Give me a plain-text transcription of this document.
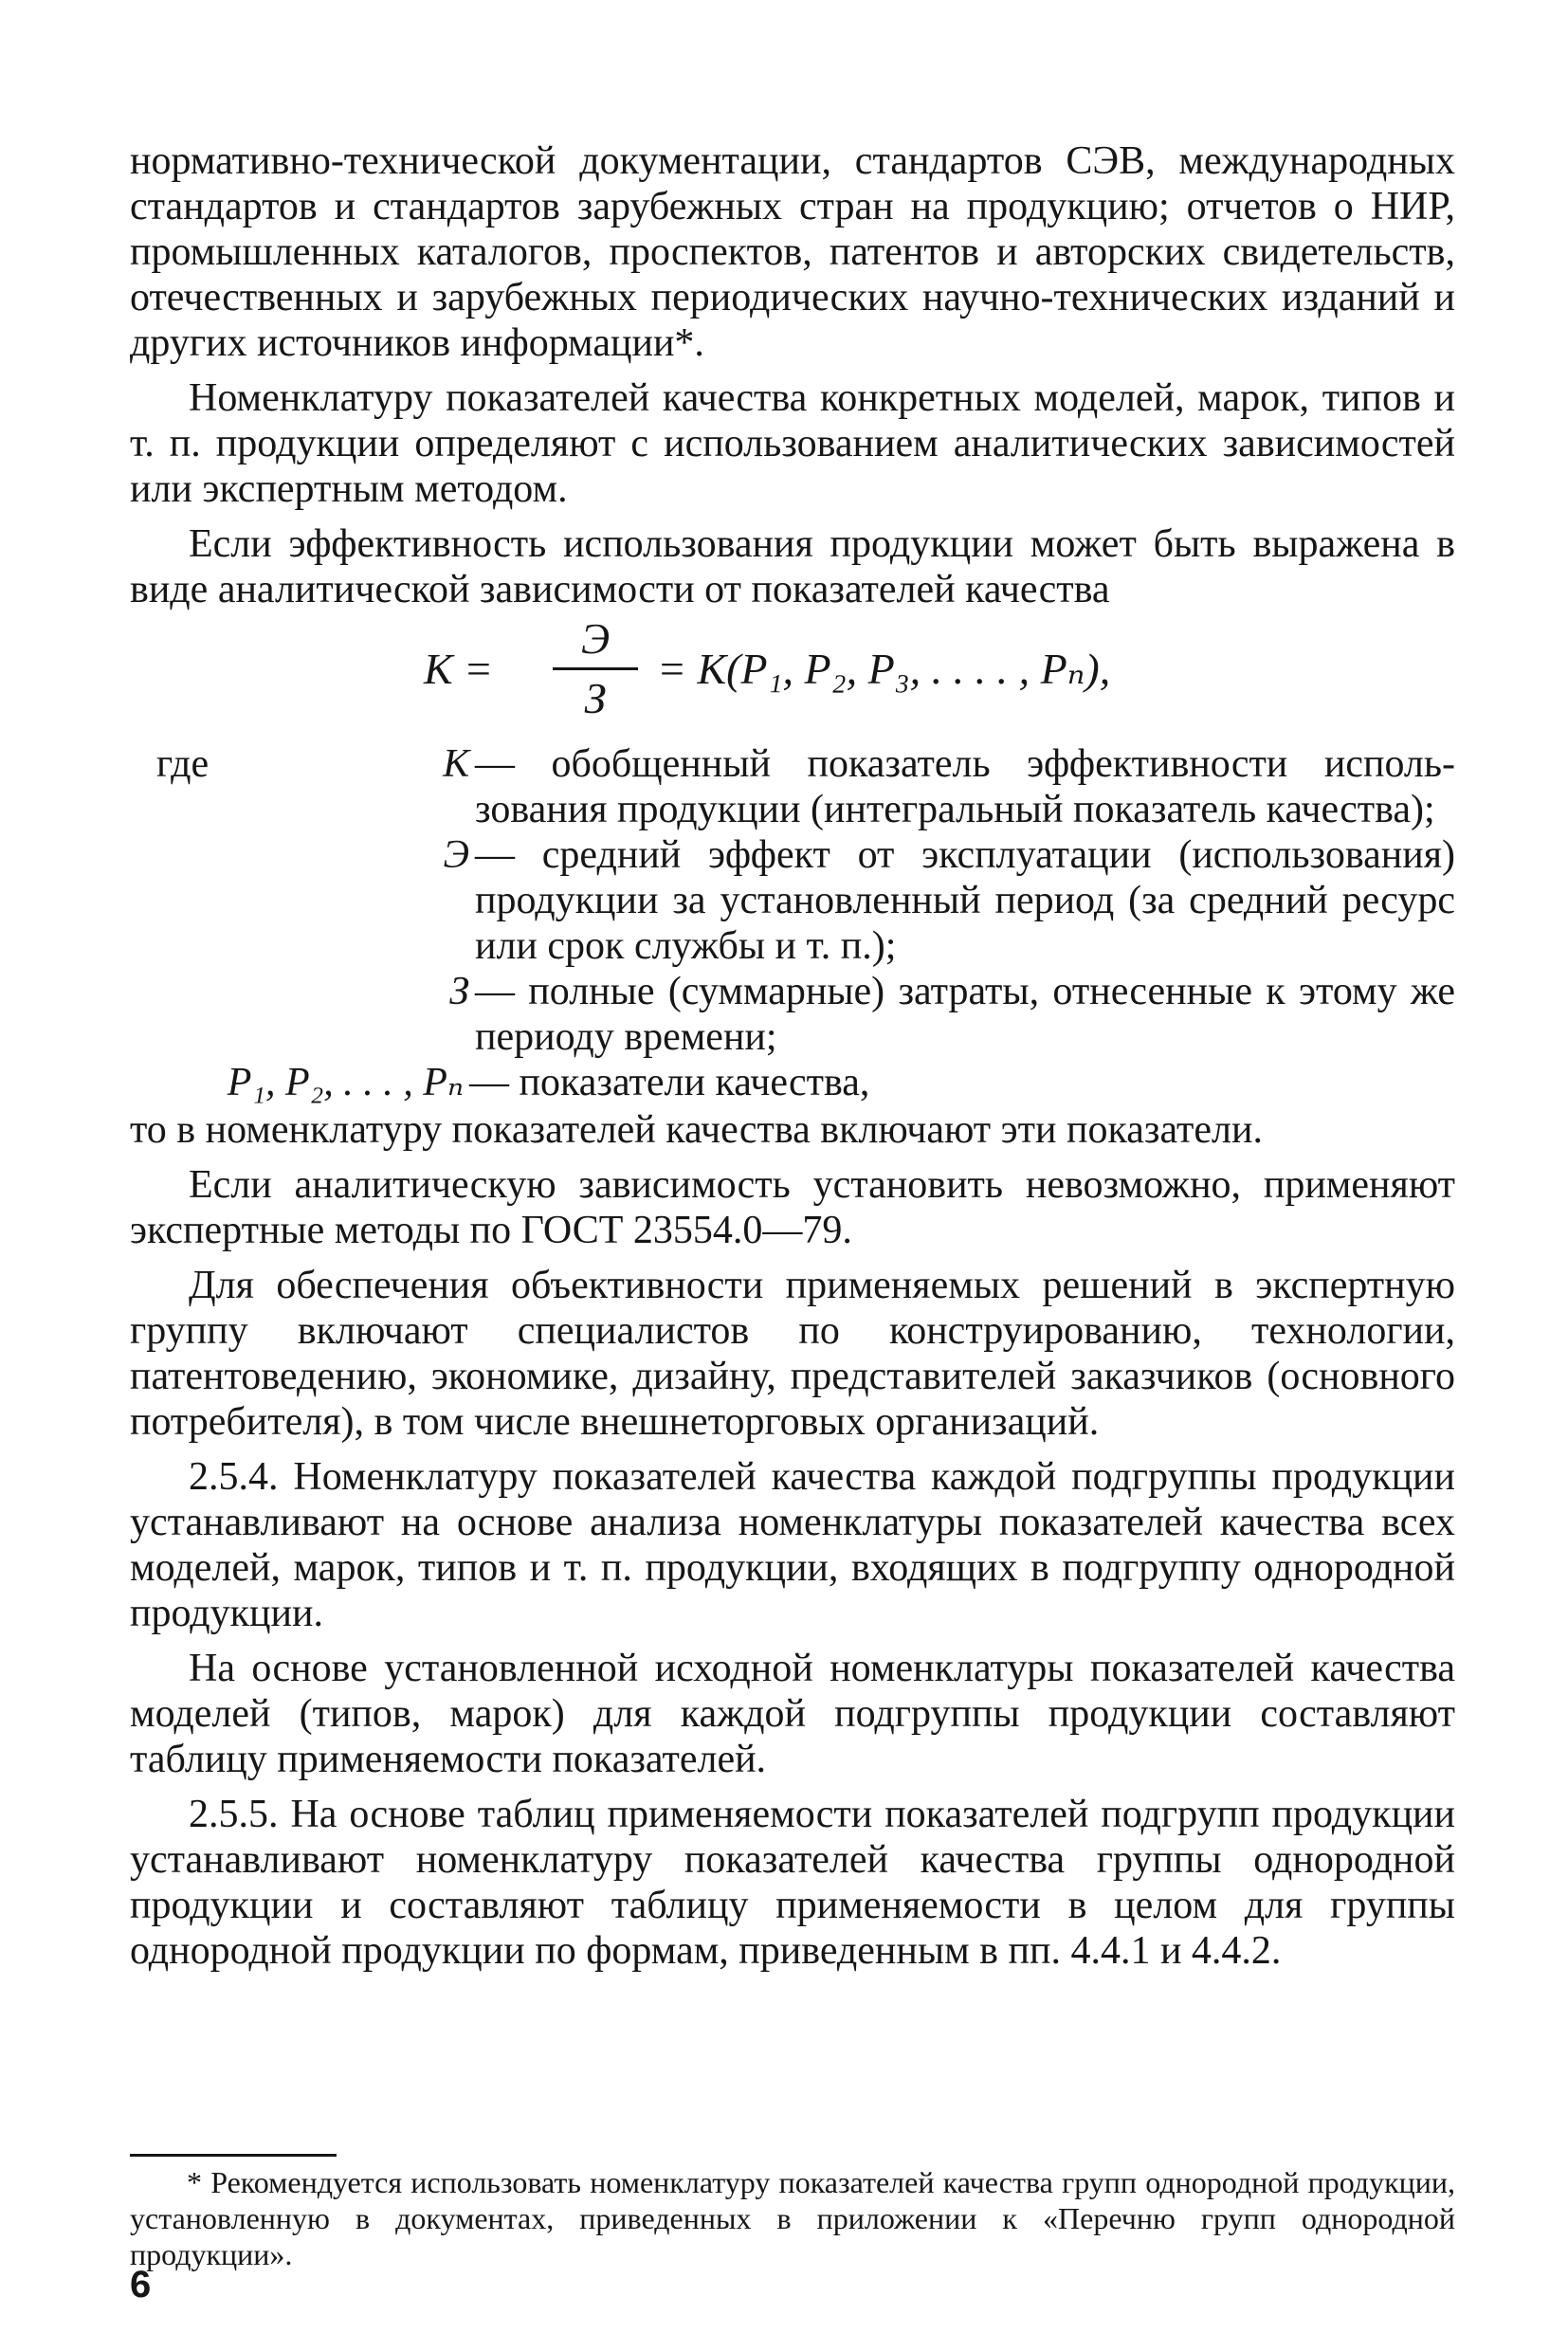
нормативно-технической документации, стандартов СЭВ, международных стандартов и стандартов зарубежных стран на продукцию; отчетов о НИР, промышленных каталогов, проспектов, патентов и авторских свидетельств, отечественных и зарубежных периодических научно-технических изданий и других источников информации*.

Номенклатуру показателей качества конкретных моделей, марок, типов и т. п. продукции определяют с использованием аналитических зависимостей или экспертным методом.

Если эффективность использования продукции может быть выражена в виде аналитической зависимости от показателей качества

К =
Э
З
= К(P₁, P₂, P₃, . . . . , Pₙ),
где	К — обобщенный показатель эффективности использования продукции (интегральный показатель качества);
Э — средний эффект от эксплуатации (использования) продукции за установленный период (за средний ресурс или срок службы и т. п.);
З — полные (суммарные) затраты, отнесенные к этому же периоду времени;
P₁, P₂, . . . , Pₙ — показатели качества,

то в номенклатуру показателей качества включают эти показатели.

Если аналитическую зависимость установить невозможно, применяют экспертные методы по ГОСТ 23554.0—79.

Для обеспечения объективности применяемых решений в экспертную группу включают специалистов по конструированию, технологии, патентоведению, экономике, дизайну, представителей заказчиков (основного потребителя), в том числе внешнеторговых организаций.

2.5.4. Номенклатуру показателей качества каждой подгруппы продукции устанавливают на основе анализа номенклатуры показателей качества всех моделей, марок, типов и т. п. продукции, входящих в подгруппу однородной продукции.

На основе установленной исходной номенклатуры показателей качества моделей (типов, марок) для каждой подгруппы продукции составляют таблицу применяемости показателей.

2.5.5. На основе таблиц применяемости показателей подгрупп продукции устанавливают номенклатуру показателей качества группы однородной продукции и составляют таблицу применяемости в целом для группы однородной продукции по формам, приведенным в пп. 4.4.1 и 4.4.2.

* Рекомендуется использовать номенклатуру показателей качества групп однородной продукции, установленную в документах, приведенных в приложении к «Перечню групп однородной продукции».
6
